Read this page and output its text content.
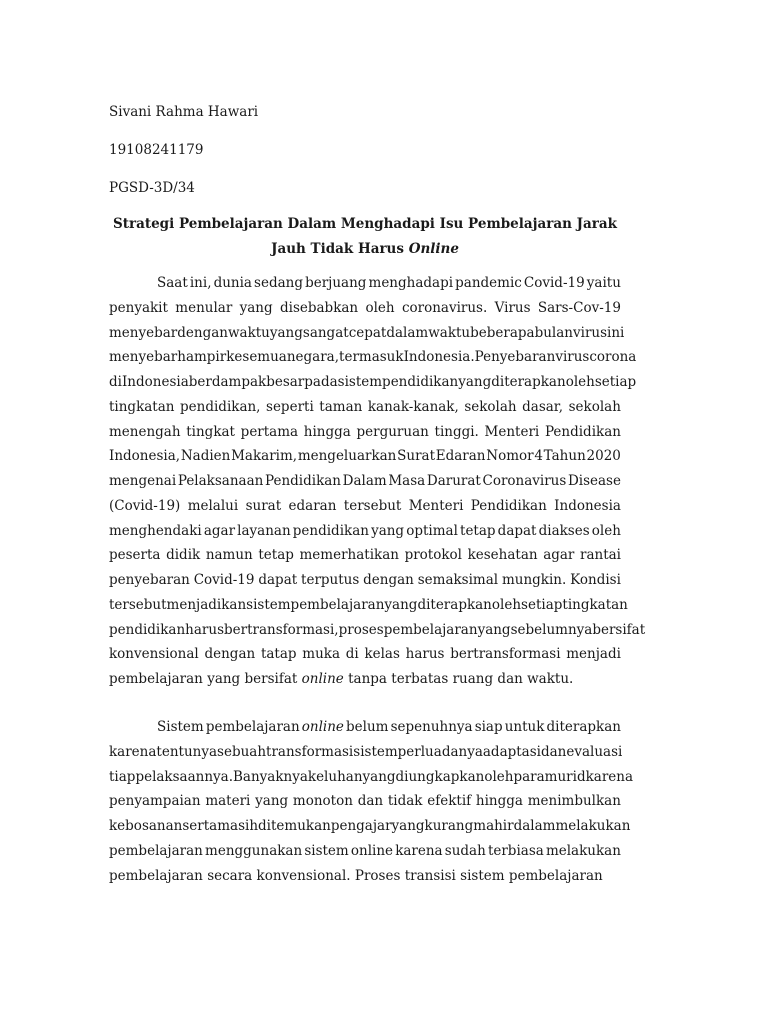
Sivani Rahma Hawari
19108241179
PGSD-3D/34
Strategi Pembelajaran Dalam Menghadapi Isu Pembelajaran Jarak
Jauh Tidak Harus Online
Saat ini, dunia sedang berjuang menghadapi pandemic Covid-19 yaitu
penyakit menular yang disebabkan oleh coronavirus. Virus Sars-Cov-19
menyebar dengan waktu yang sangat cepat dalam waktu beberapa bulan virus ini
menyebar hampir ke semua negara, termasuk Indonesia. Penyebaran virus corona
di Indonesia berdampak besar pada sistem pendidikan yang diterapkan oleh setiap
tingkatan pendidikan, seperti taman kanak-kanak, sekolah dasar, sekolah
menengah tingkat pertama hingga perguruan tinggi. Menteri Pendidikan
Indonesia, Nadien Makarim, mengeluarkan Surat Edaran Nomor 4 Tahun 2020
mengenai Pelaksanaan Pendidikan Dalam Masa Darurat Coronavirus Disease
(Covid-19) melalui surat edaran tersebut Menteri Pendidikan Indonesia
menghendaki agar layanan pendidikan yang optimal tetap dapat diakses oleh
peserta didik namun tetap memerhatikan protokol kesehatan agar rantai
penyebaran Covid-19 dapat terputus dengan semaksimal mungkin. Kondisi
tersebut menjadikan sistem pembelajaran yang diterapkan oleh setiap tingkatan
pendidikan harus bertransformasi, proses pembelajaran yang sebelumnya bersifat
konvensional dengan tatap muka di kelas harus bertransformasi menjadi
pembelajaran yang bersifat online tanpa terbatas ruang dan waktu.
Sistem pembelajaran online belum sepenuhnya siap untuk diterapkan
karena tentunya sebuah transformasi sistem perlu adanya adaptasi dan evaluasi
tiap pelaksaannya. Banyaknya keluhan yang diungkapkan oleh para murid karena
penyampaian materi yang monoton dan tidak efektif hingga menimbulkan
kebosanan serta masih ditemukan pengajar yang kurang mahir dalam melakukan
pembelajaran menggunakan sistem online karena sudah terbiasa melakukan
pembelajaran secara konvensional. Proses transisi sistem pembelajaran
